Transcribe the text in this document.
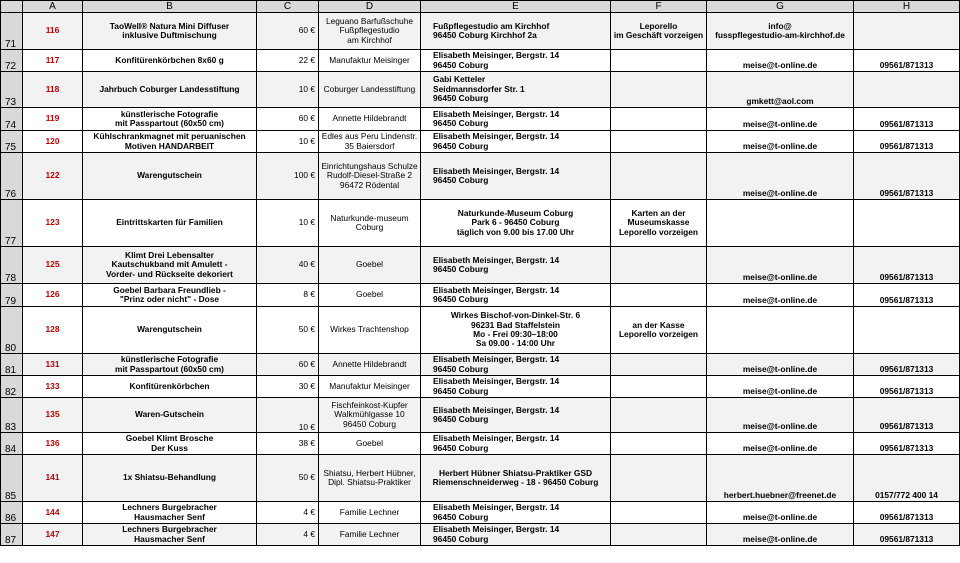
	A	B	C	D	E	F	G	H
71	116	TaoWell® Natura Mini Diffuser
inklusive Duftmischung	60 €	Leguano Barfußschuhe
Fußpflegestudio
am Kirchhof	Fußpflegestudio am Kirchhof
96450 Coburg Kirchhof 2a	Leporello
im Geschäft vorzeigen	info@
fusspflegestudio-am-kirchhof.de	

72	117	Konfitürenkörbchen 8x60 g	22 €	Manufaktur Meisinger	Elisabeth Meisinger, Bergstr. 14
96450 Coburg		meise@t-online.de	09561/871313

73	118	Jahrbuch Coburger Landesstiftung	10 €	Coburger Landesstiftung	Gabi Ketteler
Seidmannsdorfer Str. 1
96450 Coburg		gmkett@aol.com	

74	119	künstlerische Fotografie
mit Passpartout (60x50 cm)	60 €	Annette Hildebrandt	Elisabeth Meisinger, Bergstr. 14
96450 Coburg		meise@t-online.de	09561/871313

75	120	Kühlschrankmagnet mit peruanischen
Motiven HANDARBEIT	10 €	Edles aus Peru Lindenstr.
35 Baiersdorf	Elisabeth Meisinger, Bergstr. 14
96450 Coburg		meise@t-online.de	09561/871313

76	122	Warengutschein	100 €	Einrichtungshaus Schulze
Rudolf-Diesel-Straße 2
96472 Rödental	Elisabeth Meisinger, Bergstr. 14
96450 Coburg		meise@t-online.de	09561/871313

77	123	Eintrittskarten für Familien	10 €	Naturkunde-museum
Coburg	Naturkunde-Museum Coburg
Park 6 - 96450 Coburg
täglich von 9.00 bis 17.00 Uhr	Karten an der
Museumskasse
Leporello vorzeigen		

78	125	Klimt Drei Lebensalter
Kautschukband mit Amulett -
Vorder- und Rückseite dekoriert	40 €	Goebel	Elisabeth Meisinger, Bergstr. 14
96450 Coburg		meise@t-online.de	09561/871313

79	126	Goebel Barbara Freundlieb -
"Prinz oder nicht" - Dose	8 €	Goebel	Elisabeth Meisinger, Bergstr. 14
96450 Coburg		meise@t-online.de	09561/871313

80	128	Warengutschein	50 €	Wirkes Trachtenshop	Wirkes Bischof-von-Dinkel-Str. 6
96231 Bad Staffelstein
Mo - Frei 09:30–18:00
Sa 09.00 - 14:00 Uhr	an der Kasse
Leporello vorzeigen		

81	131	künstlerische Fotografie
mit Passpartout (60x50 cm)	60 €	Annette Hildebrandt	Elisabeth Meisinger, Bergstr. 14
96450 Coburg		meise@t-online.de	09561/871313

82	133	Konfitürenkörbchen	30 €	Manufaktur Meisinger	Elisabeth Meisinger, Bergstr. 14
96450 Coburg		meise@t-online.de	09561/871313

83	135	Waren-Gutschein	10 €	Fischfeinkost-Kupfer
Walkmühlgasse 10
96450 Coburg	Elisabeth Meisinger, Bergstr. 14
96450 Coburg		meise@t-online.de	09561/871313

84	136	Goebel Klimt Brosche
Der Kuss	38 €	Goebel	Elisabeth Meisinger, Bergstr. 14
96450 Coburg		meise@t-online.de	09561/871313

85	141	1x Shiatsu-Behandlung	50 €	Shiatsu, Herbert Hübner,
Dipl. Shiatsu-Praktiker	Herbert Hübner Shiatsu-Praktiker GSD
Riemenschneiderweg - 18 - 96450 Coburg		herbert.huebner@freenet.de	0157/772 400 14

86	144	Lechners Burgebracher
Hausmacher Senf	4 €	Familie Lechner	Elisabeth Meisinger, Bergstr. 14
96450 Coburg		meise@t-online.de	09561/871313

87	147	Lechners Burgebracher
Hausmacher Senf	4 €	Familie Lechner	Elisabeth Meisinger, Bergstr. 14
96450 Coburg		meise@t-online.de	09561/871313
